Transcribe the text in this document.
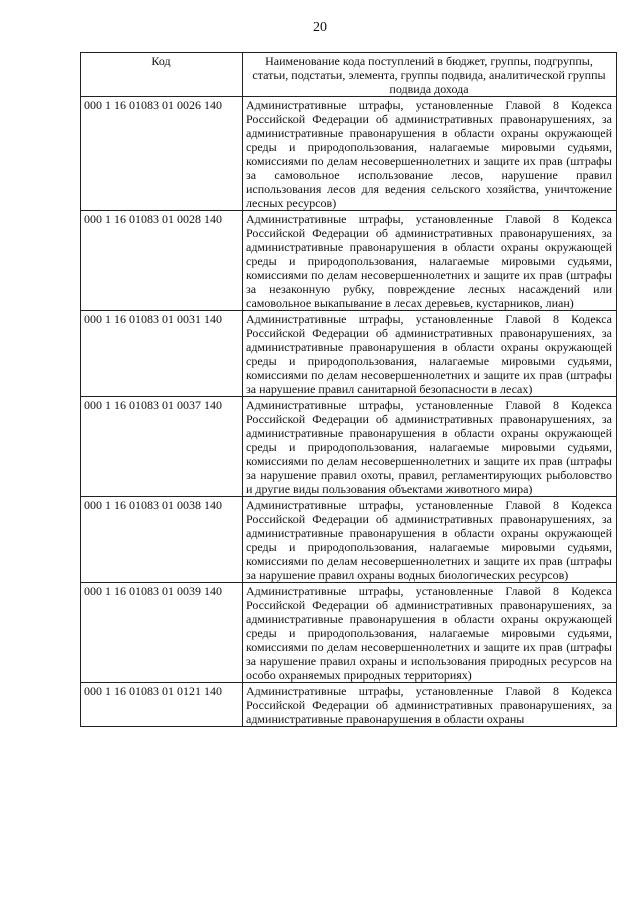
20
Код	Наименование кода поступлений в бюджет, группы, подгруппы, статьи, подстатьи, элемента, группы подвида, аналитической группы подвида дохода
000 1 16 01083 01 0026 140	Административные штрафы, установленные Главой 8 Кодекса Российской Федерации об административных правонарушениях, за административные правонарушения в области охраны окружающей среды и природопользования, налагаемые мировыми судьями, комиссиями по делам несовершеннолетних и защите их прав (штрафы за самовольное использование лесов, нарушение правил использования лесов для ведения сельского хозяйства, уничтожение лесных ресурсов)
000 1 16 01083 01 0028 140	Административные штрафы, установленные Главой 8 Кодекса Российской Федерации об административных правонарушениях, за административные правонарушения в области охраны окружающей среды и природопользования, налагаемые мировыми судьями, комиссиями по делам несовершеннолетних и защите их прав (штрафы за незаконную рубку, повреждение лесных насаждений или самовольное выкапывание в лесах деревьев, кустарников, лиан)
000 1 16 01083 01 0031 140	Административные штрафы, установленные Главой 8 Кодекса Российской Федерации об административных правонарушениях, за административные правонарушения в области охраны окружающей среды и природопользования, налагаемые мировыми судьями, комиссиями по делам несовершеннолетних и защите их прав (штрафы за нарушение правил санитарной безопасности в лесах)
000 1 16 01083 01 0037 140	Административные штрафы, установленные Главой 8 Кодекса Российской Федерации об административных правонарушениях, за административные правонарушения в области охраны окружающей среды и природопользования, налагаемые мировыми судьями, комиссиями по делам несовершеннолетних и защите их прав (штрафы за нарушение правил охоты, правил, регламентирующих рыболовство и другие виды пользования объектами животного мира)
000 1 16 01083 01 0038 140	Административные штрафы, установленные Главой 8 Кодекса Российской Федерации об административных правонарушениях, за административные правонарушения в области охраны окружающей среды и природопользования, налагаемые мировыми судьями, комиссиями по делам несовершеннолетних и защите их прав (штрафы за нарушение правил охраны водных биологических ресурсов)
000 1 16 01083 01 0039 140	Административные штрафы, установленные Главой 8 Кодекса Российской Федерации об административных правонарушениях, за административные правонарушения в области охраны окружающей среды и природопользования, налагаемые мировыми судьями, комиссиями по делам несовершеннолетних и защите их прав (штрафы за нарушение правил охраны и использования природных ресурсов на особо охраняемых природных территориях)
000 1 16 01083 01 0121 140	Административные штрафы, установленные Главой 8 Кодекса Российской Федерации об административных правонарушениях, за административные правонарушения в области охраны
